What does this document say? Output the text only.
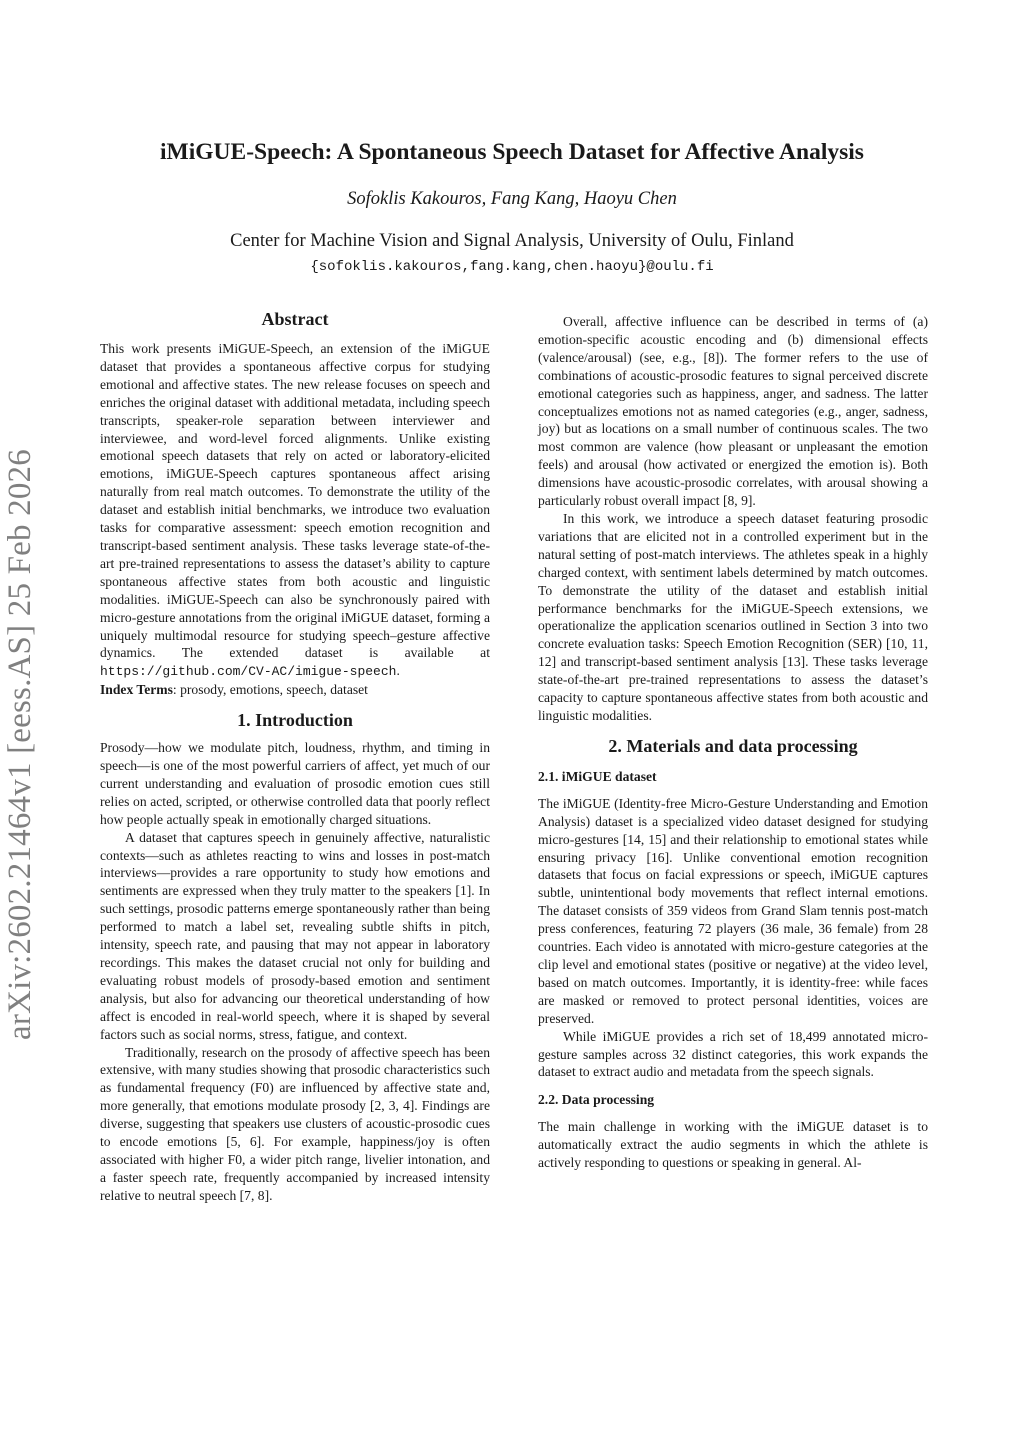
arXiv:2602.21464v1 [eess.AS] 25 Feb 2026
iMiGUE-Speech: A Spontaneous Speech Dataset for Affective Analysis
Sofoklis Kakouros, Fang Kang, Haoyu Chen
Center for Machine Vision and Signal Analysis, University of Oulu, Finland
{sofoklis.kakouros,fang.kang,chen.haoyu}@oulu.fi
Abstract

This work presents iMiGUE-Speech, an extension of the iMiGUE dataset that provides a spontaneous affective corpus for studying emotional and affective states. The new release focuses on speech and enriches the original dataset with additional metadata, including speech transcripts, speaker-role separation between interviewer and interviewee, and word-level forced alignments. Unlike existing emotional speech datasets that rely on acted or laboratory-elicited emotions, iMiGUE-Speech captures spontaneous affect arising naturally from real match outcomes. To demonstrate the utility of the dataset and establish initial benchmarks, we introduce two evaluation tasks for comparative assessment: speech emotion recognition and transcript-based sentiment analysis. These tasks leverage state-of-the-art pre-trained representations to assess the dataset’s ability to capture spontaneous affective states from both acoustic and linguistic modalities. iMiGUE-Speech can also be synchronously paired with micro-gesture annotations from the original iMiGUE dataset, forming a uniquely multimodal resource for studying speech–gesture affective dynamics. The extended dataset is available at https://github.com/CV-AC/imigue-speech.

Index Terms: prosody, emotions, speech, dataset

1. Introduction

Prosody—how we modulate pitch, loudness, rhythm, and timing in speech—is one of the most powerful carriers of affect, yet much of our current understanding and evaluation of prosodic emotion cues still relies on acted, scripted, or otherwise controlled data that poorly reflect how people actually speak in emotionally charged situations.

A dataset that captures speech in genuinely affective, naturalistic contexts—such as athletes reacting to wins and losses in post-match interviews—provides a rare opportunity to study how emotions and sentiments are expressed when they truly matter to the speakers [1]. In such settings, prosodic patterns emerge spontaneously rather than being performed to match a label set, revealing subtle shifts in pitch, intensity, speech rate, and pausing that may not appear in laboratory recordings. This makes the dataset crucial not only for building and evaluating robust models of prosody-based emotion and sentiment analysis, but also for advancing our theoretical understanding of how affect is encoded in real-world speech, where it is shaped by several factors such as social norms, stress, fatigue, and context.

Traditionally, research on the prosody of affective speech has been extensive, with many studies showing that prosodic characteristics such as fundamental frequency (F0) are influenced by affective state and, more generally, that emotions modulate prosody [2, 3, 4]. Findings are diverse, suggesting that speakers use clusters of acoustic-prosodic cues to encode emotions [5, 6]. For example, happiness/joy is often associated with higher F0, a wider pitch range, livelier intonation, and a faster speech rate, frequently accompanied by increased intensity relative to neutral speech [7, 8].

Overall, affective influence can be described in terms of (a) emotion-specific acoustic encoding and (b) dimensional effects (valence/arousal) (see, e.g., [8]). The former refers to the use of combinations of acoustic-prosodic features to signal perceived discrete emotional categories such as happiness, anger, and sadness. The latter conceptualizes emotions not as named categories (e.g., anger, sadness, joy) but as locations on a small number of continuous scales. The two most common are valence (how pleasant or unpleasant the emotion feels) and arousal (how activated or energized the emotion is). Both dimensions have acoustic-prosodic correlates, with arousal showing a particularly robust overall impact [8, 9].

In this work, we introduce a speech dataset featuring prosodic variations that are elicited not in a controlled experiment but in the natural setting of post-match interviews. The athletes speak in a highly charged context, with sentiment labels determined by match outcomes. To demonstrate the utility of the dataset and establish initial performance benchmarks for the iMiGUE-Speech extensions, we operationalize the application scenarios outlined in Section 3 into two concrete evaluation tasks: Speech Emotion Recognition (SER) [10, 11, 12] and transcript-based sentiment analysis [13]. These tasks leverage state-of-the-art pre-trained representations to assess the dataset’s capacity to capture spontaneous affective states from both acoustic and linguistic modalities.

2. Materials and data processing
2.1. iMiGUE dataset

The iMiGUE (Identity-free Micro-Gesture Understanding and Emotion Analysis) dataset is a specialized video dataset designed for studying micro-gestures [14, 15] and their relationship to emotional states while ensuring privacy [16]. Unlike conventional emotion recognition datasets that focus on facial expressions or speech, iMiGUE captures subtle, unintentional body movements that reflect internal emotions. The dataset consists of 359 videos from Grand Slam tennis post-match press conferences, featuring 72 players (36 male, 36 female) from 28 countries. Each video is annotated with micro-gesture categories at the clip level and emotional states (positive or negative) at the video level, based on match outcomes. Importantly, it is identity-free: while faces are masked or removed to protect personal identities, voices are preserved.

While iMiGUE provides a rich set of 18,499 annotated micro-gesture samples across 32 distinct categories, this work expands the dataset to extract audio and metadata from the speech signals.

2.2. Data processing

The main challenge in working with the iMiGUE dataset is to automatically extract the audio segments in which the athlete is actively responding to questions or speaking in general. Al-
